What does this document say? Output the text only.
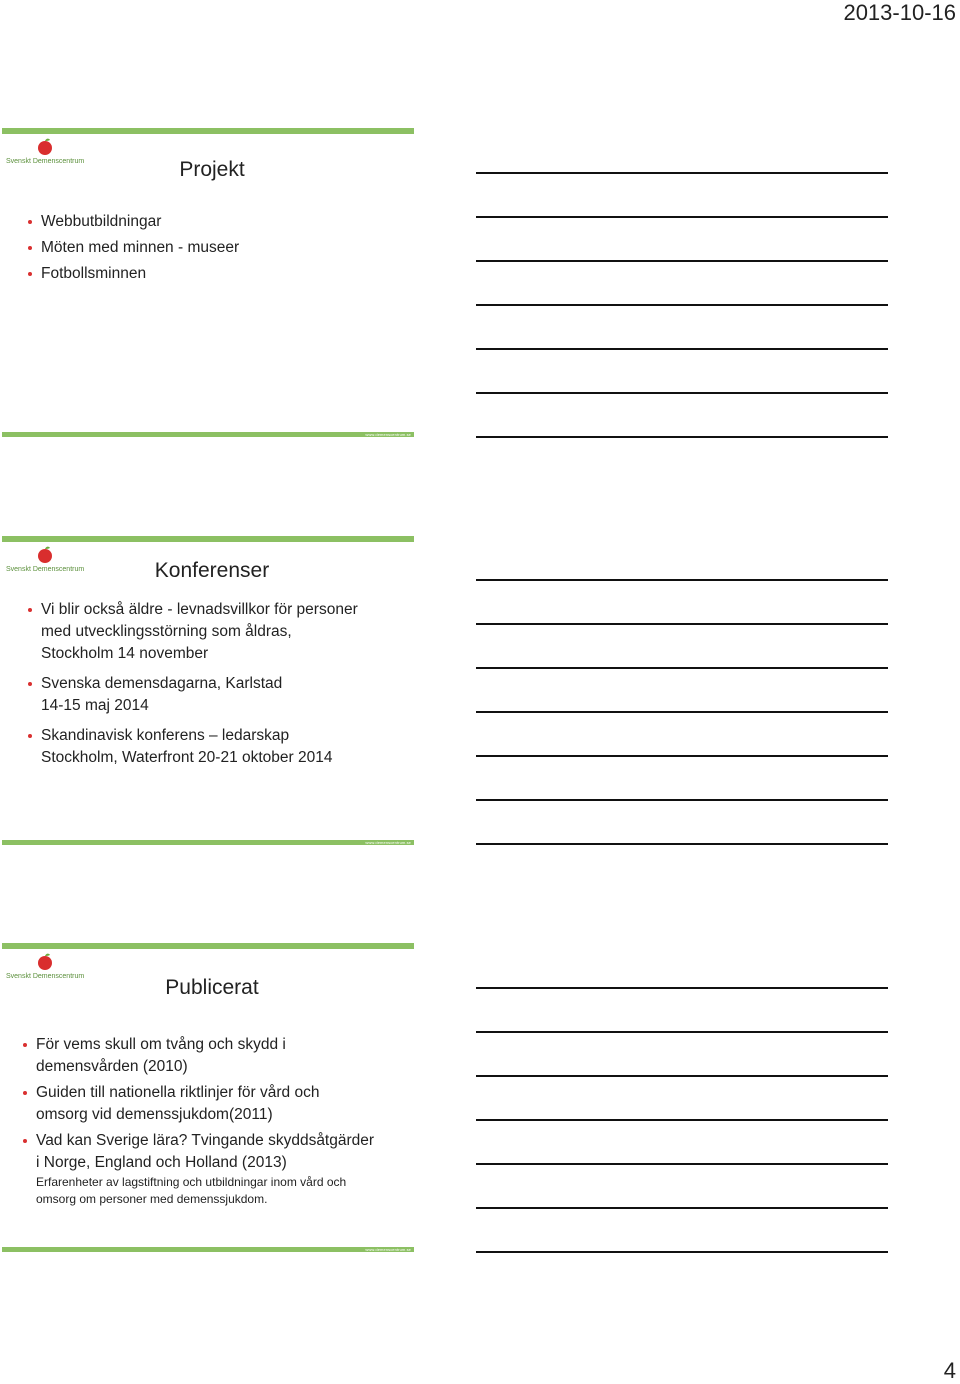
2013-10-16
Svenskt Demenscentrum	Projekt
Webbutbildningar
Möten med minnen - museer
Fotbollsminnen
www.demenscentrum.se
Svenskt Demenscentrum	Konferenser
Vi blir också äldre - levnadsvillkor för personer
med utvecklingsstörning som åldras,
Stockholm 14 november
Svenska demensdagarna, Karlstad
14-15 maj 2014
Skandinavisk konferens – ledarskap
Stockholm, Waterfront 20-21 oktober 2014
www.demenscentrum.se
Svenskt Demenscentrum	Publicerat
För vems skull om tvång och skydd i
demensvården (2010)
Guiden till nationella riktlinjer för vård och
omsorg vid demenssjukdom(2011)
Vad kan Sverige lära? Tvingande skyddsåtgärder
i Norge, England och Holland (2013)
Erfarenheter av lagstiftning och utbildningar inom vård och
omsorg om personer med demenssjukdom.
www.demenscentrum.se
4
